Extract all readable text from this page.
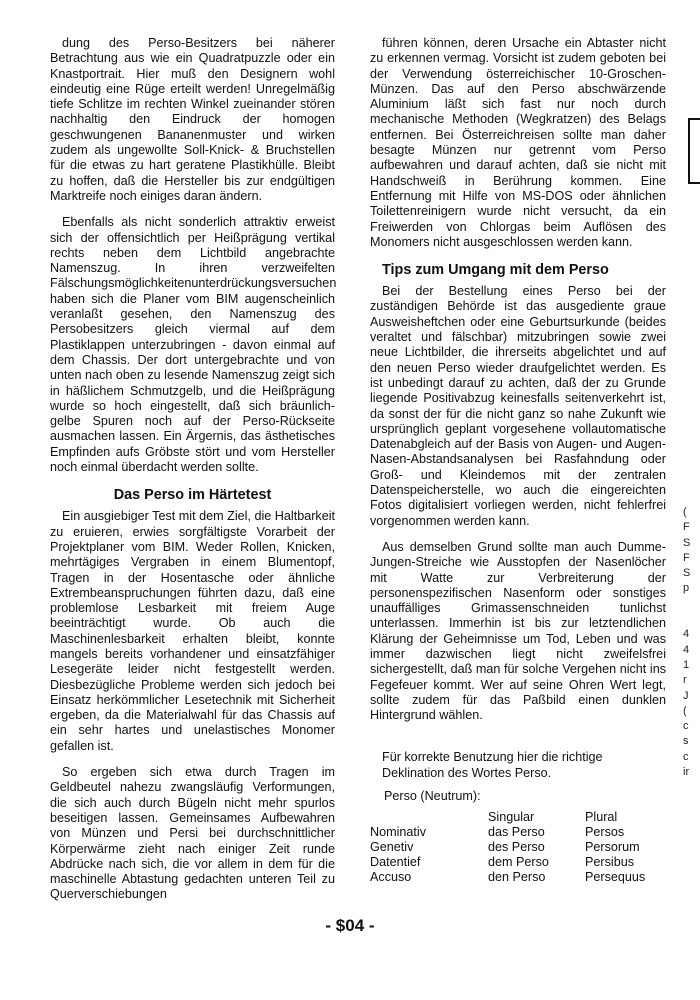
dung des Perso-Besitzers bei näherer Betrachtung aus wie ein Quadratpuzzle oder ein Knastportrait. Hier muß den Designern wohl eindeutig eine Rüge erteilt werden! Unregelmäßig tiefe Schlitze im rechten Winkel zueinander stören nachhaltig den Eindruck der homogen geschwungenen Bananenmuster und wirken zudem als ungewollte Soll-Knick- & Bruchstellen für die etwas zu hart geratene Plastikhülle. Bleibt zu hoffen, daß die Hersteller bis zur endgültigen Marktreife noch einiges daran ändern.

Ebenfalls als nicht sonderlich attraktiv erweist sich der offensichtlich per Heißprägung vertikal rechts neben dem Lichtbild angebrachte Namenszug. In ihren verzweifelten Fälschungsmöglichkeitenunterdrückungsversuchen haben sich die Planer vom BIM augenscheinlich veranlaßt gesehen, den Namenszug des Persobesitzers gleich viermal auf dem Plastiklappen unterzubringen - davon einmal auf dem Chassis. Der dort untergebrachte und von unten nach oben zu lesende Namenszug zeigt sich in häßlichem Schmutzgelb, und die Heißprägung wurde so hoch eingestellt, daß sich bräunlich-gelbe Spuren noch auf der Perso-Rückseite ausmachen lassen. Ein Ärgernis, das ästhetisches Empfinden aufs Gröbste stört und vom Hersteller noch einmal überdacht werden sollte.

Das Perso im Härtetest

Ein ausgiebiger Test mit dem Ziel, die Haltbarkeit zu eruieren, erwies sorgfältigste Vorarbeit der Projektplaner vom BIM. Weder Rollen, Knicken, mehrtägiges Vergraben in einem Blumentopf, Tragen in der Hosentasche oder ähnliche Extrembeanspruchungen führten dazu, daß eine problemlose Lesbarkeit mit freiem Auge beeinträchtigt wurde. Ob auch die Maschinenlesbarkeit erhalten bleibt, konnte mangels bereits vorhandener und einsatzfähiger Lesegeräte leider nicht festgestellt werden. Diesbezügliche Probleme werden sich jedoch bei Einsatz herkömmlicher Lesetechnik mit Sicherheit ergeben, da die Materialwahl für das Chassis auf ein sehr hartes und unelastisches Monomer gefallen ist.

So ergeben sich etwa durch Tragen im Geldbeutel nahezu zwangsläufig Verformungen, die sich auch durch Bügeln nicht mehr spurlos beseitigen lassen. Gemeinsames Aufbewahren von Münzen und Persi bei durchschnittlicher Körperwärme zieht nach einiger Zeit runde Abdrücke nach sich, die vor allem in dem für die maschinelle Abtastung gedachten unteren Teil zu Querverschiebungen

führen können, deren Ursache ein Abtaster nicht zu erkennen vermag. Vorsicht ist zudem geboten bei der Verwendung österreichischer 10-Groschen-Münzen. Das auf den Perso abschwärzende Aluminium läßt sich fast nur noch durch mechanische Methoden (Wegkratzen) des Belags entfernen. Bei Österreichreisen sollte man daher besagte Münzen nur getrennt vom Perso aufbewahren und darauf achten, daß sie nicht mit Handschweiß in Berührung kommen. Eine Entfernung mit Hilfe von MS-DOS oder ähnlichen Toilettenreinigern wurde nicht versucht, da ein Freiwerden von Chlorgas beim Auflösen des Monomers nicht ausgeschlossen werden kann.

Tips zum Umgang mit dem Perso

Bei der Bestellung eines Perso bei der zuständigen Behörde ist das ausgediente graue Ausweisheftchen oder eine Geburtsurkunde (beides veraltet und fälschbar) mitzubringen sowie zwei neue Lichtbilder, die ihrerseits abgelichtet und auf den neuen Perso wieder draufgelichtet werden. Es ist unbedingt darauf zu achten, daß der zu Grunde liegende Positivabzug keinesfalls seitenverkehrt ist, da sonst der für die nicht ganz so nahe Zukunft wie ursprünglich geplant vorgesehene vollautomatische Datenabgleich auf der Basis von Augen- und Augen-Nasen-Abstandsanalysen bei Rasfahndung oder Groß- und Kleindemos mit der zentralen Datenspeicherstelle, wo auch die eingereichten Fotos digitalisiert vorliegen werden, nicht fehlerfrei vorgenommen werden kann.

Aus demselben Grund sollte man auch Dumme-Jungen-Streiche wie Ausstopfen der Nasenlöcher mit Watte zur Verbreiterung der personenspezifischen Nasenform oder sonstiges unauffälliges Grimassenschneiden tunlichst unterlassen. Immerhin ist bis zur letztendlichen Klärung der Geheimnisse um Tod, Leben und was immer dazwischen liegt nicht zweifelsfrei sichergestellt, daß man für solche Vergehen nicht ins Fegefeuer kommt. Wer auf seine Ohren Wert legt, sollte zudem für das Paßbild einen dunklen Hintergrund wählen.

Für korrekte Benutzung hier die richtige Deklination des Wortes Perso.

Perso (Neutrum):

	Singular	Plural
Nominativ	das Perso	Persos
Genetiv	des Perso	Persorum
Datentief	dem Perso	Persibus
Accuso	den Perso	Persequus
(
F
S
F
S
p

4
4
1
r
J
(
c
s
c
ir
- $04 -
